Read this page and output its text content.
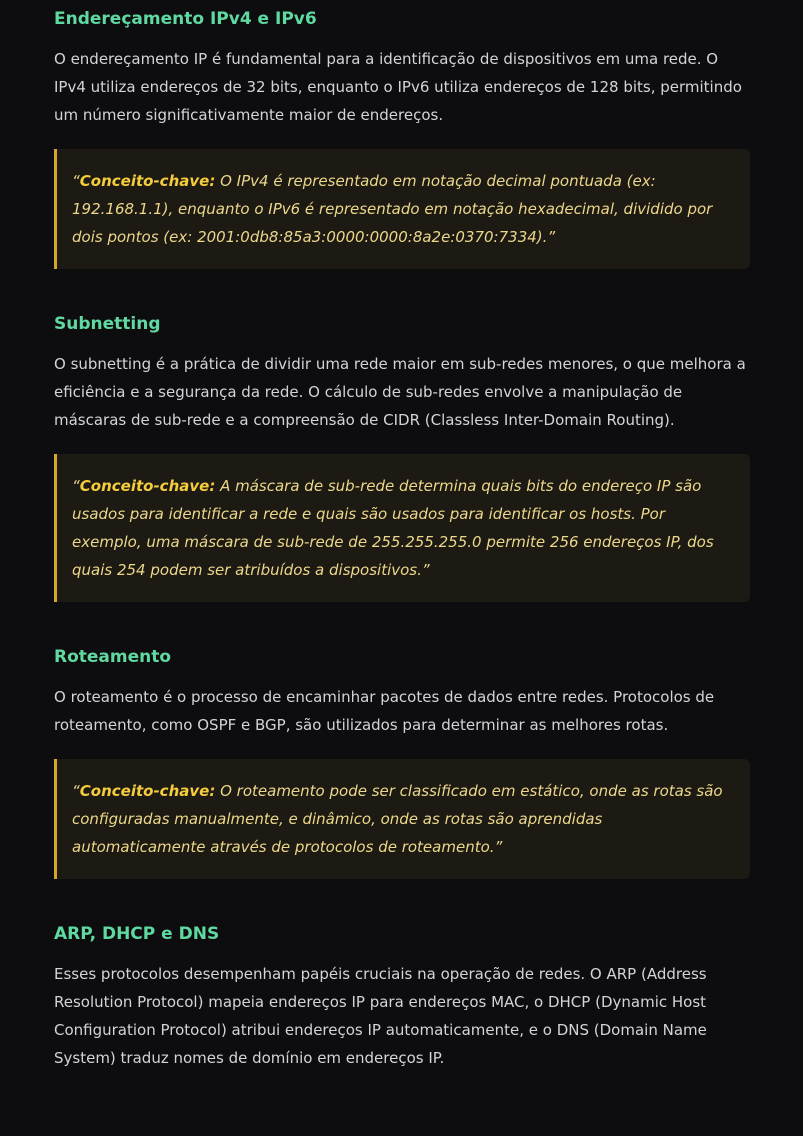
Endereçamento IPv4 e IPv6

O endereçamento IP é fundamental para a identificação de dispositivos em uma rede. O IPv4 utiliza endereços de 32 bits, enquanto o IPv6 utiliza endereços de 128 bits, permitindo um número significativamente maior de endereços.

“Conceito-chave: O IPv4 é representado em notação decimal pontuada (ex: 192.168.1.1), enquanto o IPv6 é representado em notação hexadecimal, dividido por dois pontos (ex: 2001:0db8:85a3:0000:0000:8a2e:0370:7334).”

Subnetting

O subnetting é a prática de dividir uma rede maior em sub-redes menores, o que melhora a eficiência e a segurança da rede. O cálculo de sub-redes envolve a manipulação de máscaras de sub-rede e a compreensão de CIDR (Classless Inter-Domain Routing).

“Conceito-chave: A máscara de sub-rede determina quais bits do endereço IP são usados para identificar a rede e quais são usados para identificar os hosts. Por exemplo, uma máscara de sub-rede de 255.255.255.0 permite 256 endereços IP, dos quais 254 podem ser atribuídos a dispositivos.”

Roteamento

O roteamento é o processo de encaminhar pacotes de dados entre redes. Protocolos de roteamento, como OSPF e BGP, são utilizados para determinar as melhores rotas.

“Conceito-chave: O roteamento pode ser classificado em estático, onde as rotas são configuradas manualmente, e dinâmico, onde as rotas são aprendidas automaticamente através de protocolos de roteamento.”

ARP, DHCP e DNS

Esses protocolos desempenham papéis cruciais na operação de redes. O ARP (Address Resolution Protocol) mapeia endereços IP para endereços MAC, o DHCP (Dynamic Host Configuration Protocol) atribui endereços IP automaticamente, e o DNS (Domain Name System) traduz nomes de domínio em endereços IP.
